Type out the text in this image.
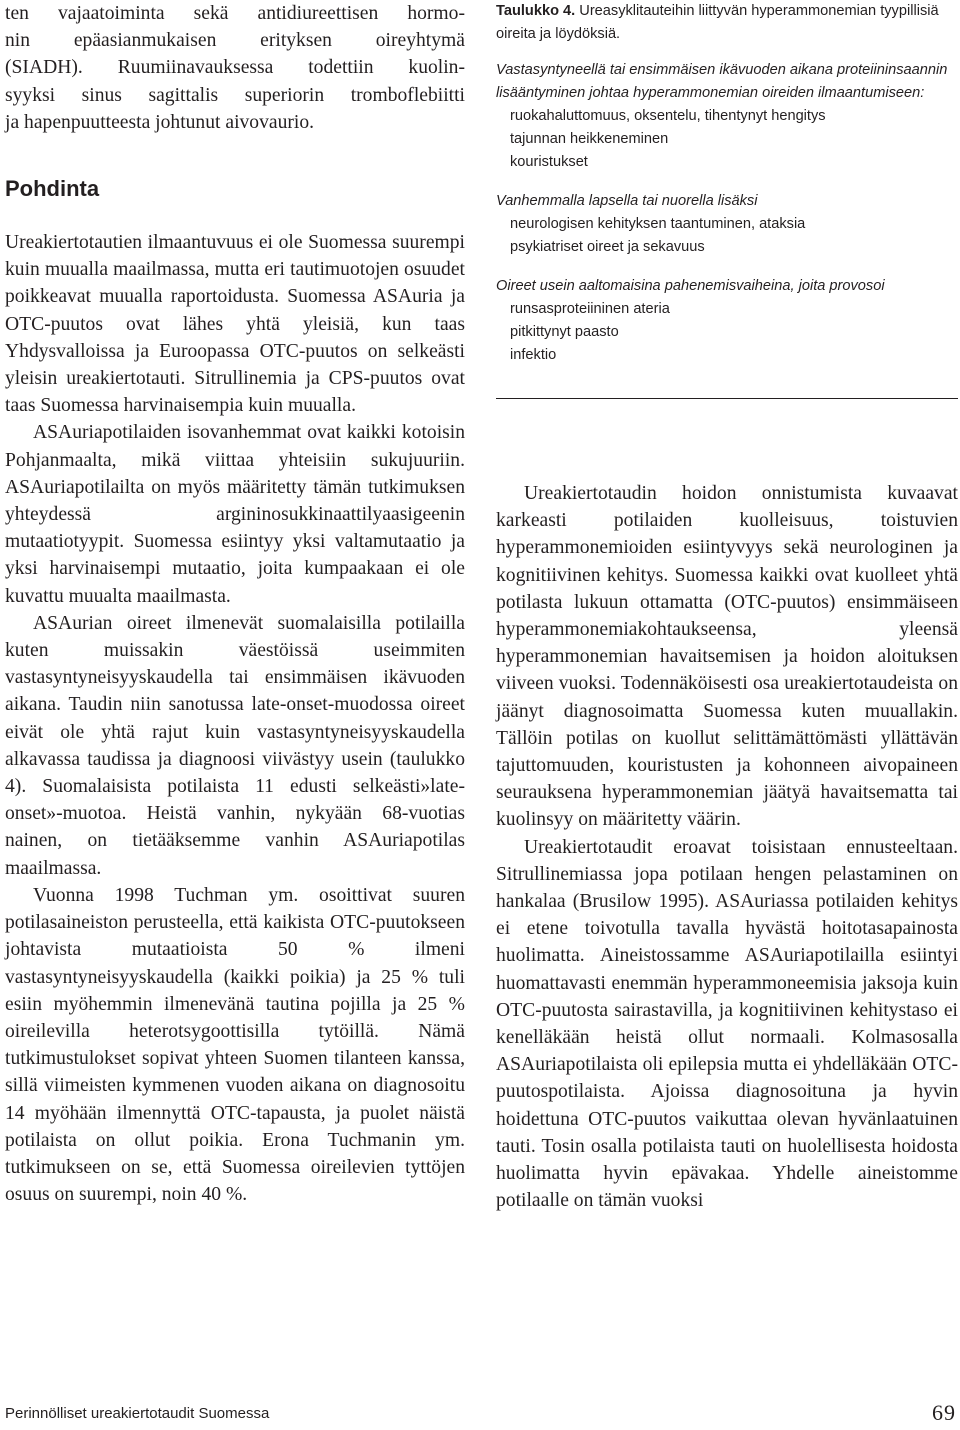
ten vajaatoiminta sekä antidiureettisen hormo-

nin epäasianmukaisen erityksen oireyhtymä

(SIADH). Ruumiinavauksessa todettiin kuolin-

syyksi sinus sagittalis superiorin tromboflebiitti

ja hapenpuutteesta johtunut aivovaurio.

Pohdinta

Ureakiertotautien ilmaantuvuus ei ole Suomessa suurempi kuin muualla maailmassa, mutta eri tautimuotojen osuudet poikkeavat muualla raportoidusta. Suomessa ASAuria ja OTC-puutos ovat lähes yhtä yleisiä, kun taas Yhdysvalloissa ja Euroopassa OTC-puutos on selkeästi yleisin ureakiertotauti. Sitrullinemia ja CPS-puutos ovat taas Suomessa harvinaisempia kuin muualla.

ASAuriapotilaiden isovanhemmat ovat kaikki kotoisin Pohjanmaalta, mikä viittaa yhteisiin sukujuuriin. ASAuriapotilailta on myös määritetty tämän tutkimuksen yhteydessä argininosukkinaattilyaasigeenin mutaatiotyypit. Suomessa esiintyy yksi valtamutaatio ja yksi harvinaisempi mutaatio, joita kumpaakaan ei ole kuvattu muualta maailmasta.

ASAurian oireet ilmenevät suomalaisilla potilailla kuten muissakin väestöissä useimmiten vastasyntyneisyyskaudella tai ensimmäisen ikävuoden aikana. Taudin niin sanotussa late-onset-muodossa oireet eivät ole yhtä rajut kuin vastasyntyneisyyskaudella alkavassa taudissa ja diagnoosi viivästyy usein (taulukko 4). Suomalaisista potilaista 11 edusti selkeästi»late-onset»-muotoa. Heistä vanhin, nykyään 68-vuotias nainen, on tietääksemme vanhin ASAuriapotilas maailmassa.

Vuonna 1998 Tuchman ym. osoittivat suuren potilasaineiston perusteella, että kaikista OTC-puutokseen johtavista mutaatioista 50 % ilmeni vastasyntyneisyyskaudella (kaikki poikia) ja 25 % tuli esiin myöhemmin ilmenevänä tautina pojilla ja 25 % oireilevilla heterotsygoottisilla tytöillä. Nämä tutkimustulokset sopivat yhteen Suomen tilanteen kanssa, sillä viimeisten kymmenen vuoden aikana on diagnosoitu 14 myöhään ilmennyttä OTC-tapausta, ja puolet näistä potilaista on ollut poikia. Erona Tuchmanin ym. tutkimukseen on se, että Suomessa oireilevien tyttöjen osuus on suurempi, noin 40 %.

Taulukko 4. Ureasyklitauteihin liittyvän hyperammonemian tyypillisiä oireita ja löydöksiä.

Vastasyntyneellä tai ensimmäisen ikävuoden aikana proteiininsaannin lisääntyminen johtaa hyperammonemian oireiden ilmaantumiseen:

ruokahaluttomuus, oksentelu, tihentynyt hengitys

tajunnan heikkeneminen

kouristukset

Vanhemmalla lapsella tai nuorella lisäksi

neurologisen kehityksen taantuminen, ataksia

psykiatriset oireet ja sekavuus

Oireet usein aaltomaisina pahenemisvaiheina, joita provosoi

runsasproteiininen ateria

pitkittynyt paasto

infektio

Ureakiertotaudin hoidon onnistumista kuvaavat karkeasti potilaiden kuolleisuus, toistuvien hyperammonemioiden esiintyvyys sekä neurologinen ja kognitiivinen kehitys. Suomessa kaikki ovat kuolleet yhtä potilasta lukuun ottamatta (OTC-puutos) ensimmäiseen hyperammonemiakohtaukseensa, yleensä hyperammonemian havaitsemisen ja hoidon aloituksen viiveen vuoksi. Todennäköisesti osa ureakiertotaudeista on jäänyt diagnosoimatta Suomessa kuten muuallakin. Tällöin potilas on kuollut selittämättömästi yllättävän tajuttomuuden, kouristusten ja kohonneen aivopaineen seurauksena hyperammonemian jäätyä havaitsematta tai kuolinsyy on määritetty väärin.

Ureakiertotaudit eroavat toisistaan ennusteeltaan. Sitrullinemiassa jopa potilaan hengen pelastaminen on hankalaa (Brusilow 1995). ASAuriassa potilaiden kehitys ei etene toivotulla tavalla hyvästä hoitotasapainosta huolimatta. Aineistossamme ASAuriapotilailla esiintyi huomattavasti enemmän hyperammoneemisia jaksoja kuin OTC-puutosta sairastavilla, ja kognitiivinen kehitystaso ei kenelläkään heistä ollut normaali. Kolmasosalla ASAuriapotilaista oli epilepsia mutta ei yhdelläkään OTC-puutospotilaista. Ajoissa diagnosoituna ja hyvin hoidettuna OTC-puutos vaikuttaa olevan hyvänlaatuinen tauti. Tosin osalla potilaista tauti on huolellisesta hoidosta huolimatta hyvin epävakaa. Yhdelle aineistomme potilaalle on tämän vuoksi

Perinnölliset ureakiertotaudit Suomessa	69
